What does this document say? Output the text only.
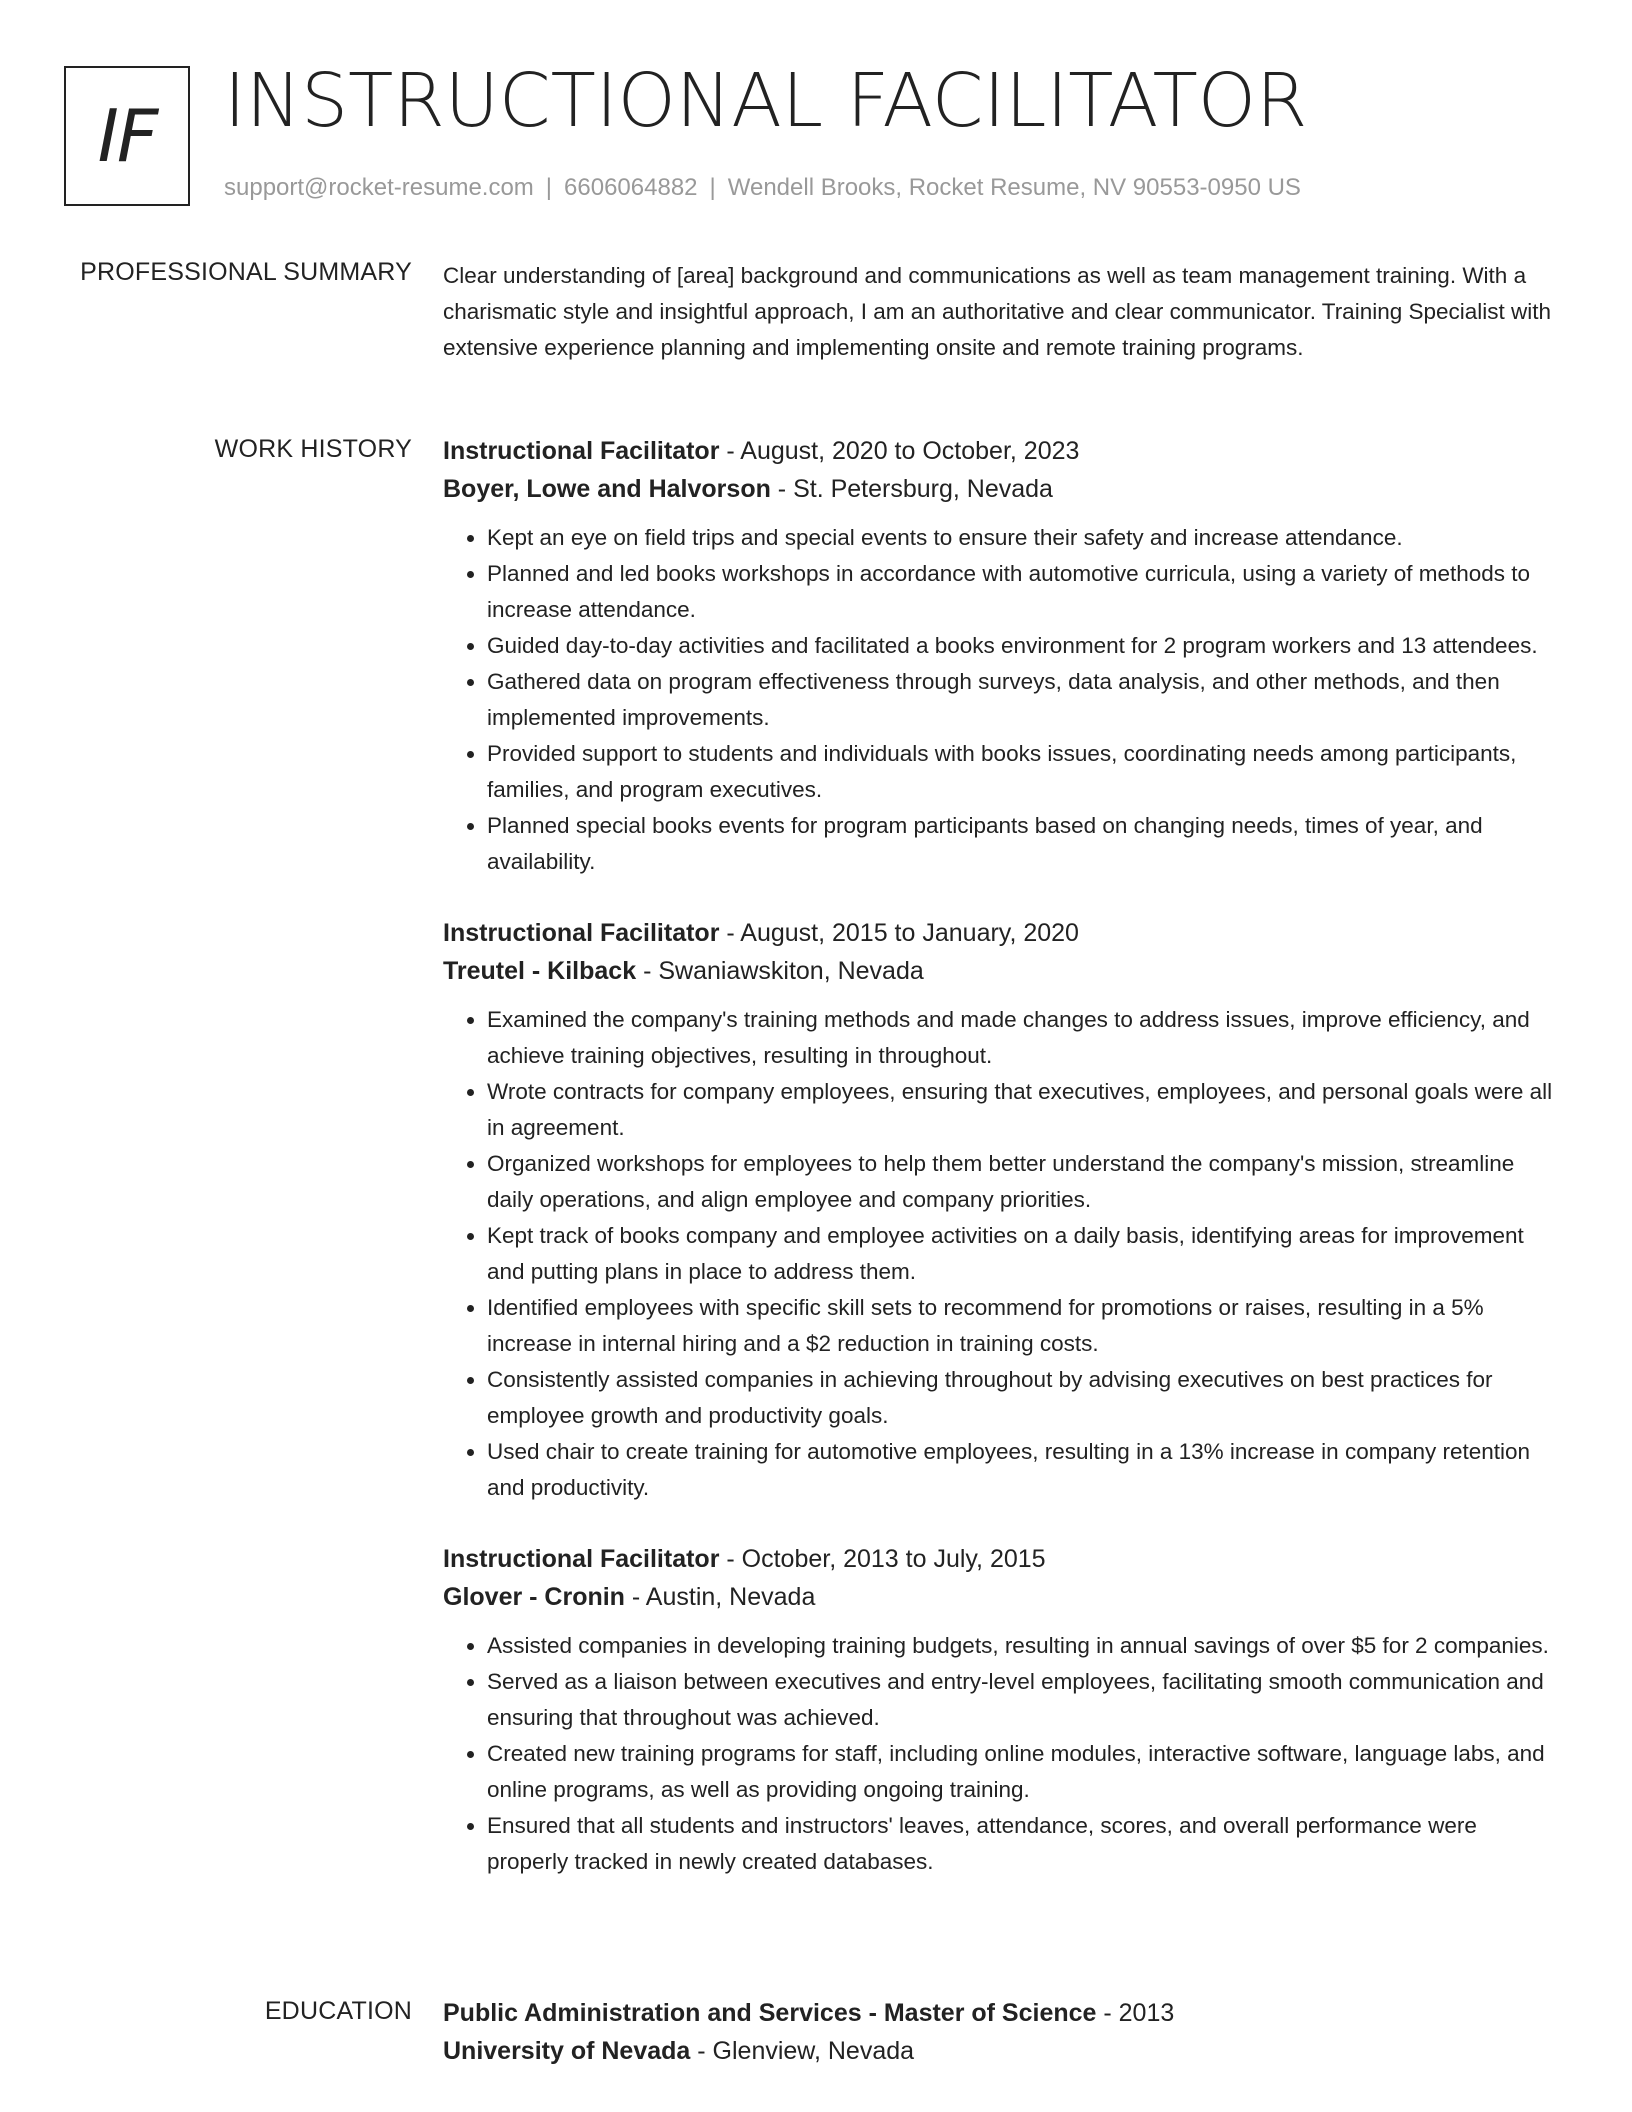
IF INSTRUCTIONAL FACILITATOR
support@rocket-resume.com | 6606064882 | Wendell Brooks, Rocket Resume, NV 90553-0950 US
PROFESSIONAL SUMMARY Clear understanding of [area] background and communications as well as team management training. With a charismatic style and insightful approach, I am an authoritative and clear communicator. Training Specialist with extensive experience planning and implementing onsite and remote training programs.

WORK HISTORY Instructional Facilitator - August, 2020 to October, 2023
Boyer, Lowe and Halvorson - St. Petersburg, Nevada
• Kept an eye on field trips and special events to ensure their safety and increase attendance.
• Planned and led books workshops in accordance with automotive curricula, using a variety of methods to increase attendance.
• Guided day-to-day activities and facilitated a books environment for 2 program workers and 13 attendees.
• Gathered data on program effectiveness through surveys, data analysis, and other methods, and then implemented improvements.
• Provided support to students and individuals with books issues, coordinating needs among participants, families, and program executives.
• Planned special books events for program participants based on changing needs, times of year, and availability.
Instructional Facilitator - August, 2015 to January, 2020
Treutel - Kilback - Swaniawskiton, Nevada
• Examined the company's training methods and made changes to address issues, improve efficiency, and achieve training objectives, resulting in throughout.
• Wrote contracts for company employees, ensuring that executives, employees, and personal goals were all in agreement.
• Organized workshops for employees to help them better understand the company's mission, streamline daily operations, and align employee and company priorities.
• Kept track of books company and employee activities on a daily basis, identifying areas for improvement and putting plans in place to address them.
• Identified employees with specific skill sets to recommend for promotions or raises, resulting in a 5% increase in internal hiring and a $2 reduction in training costs.
• Consistently assisted companies in achieving throughout by advising executives on best practices for employee growth and productivity goals.
• Used chair to create training for automotive employees, resulting in a 13% increase in company retention and productivity.
Instructional Facilitator - October, 2013 to July, 2015
Glover - Cronin - Austin, Nevada
• Assisted companies in developing training budgets, resulting in annual savings of over $5 for 2 companies.
• Served as a liaison between executives and entry-level employees, facilitating smooth communication and ensuring that throughout was achieved.
• Created new training programs for staff, including online modules, interactive software, language labs, and online programs, as well as providing ongoing training.
• Ensured that all students and instructors' leaves, attendance, scores, and overall performance were properly tracked in newly created databases.
EDUCATION Public Administration and Services - Master of Science - 2013
University of Nevada - Glenview, Nevada
